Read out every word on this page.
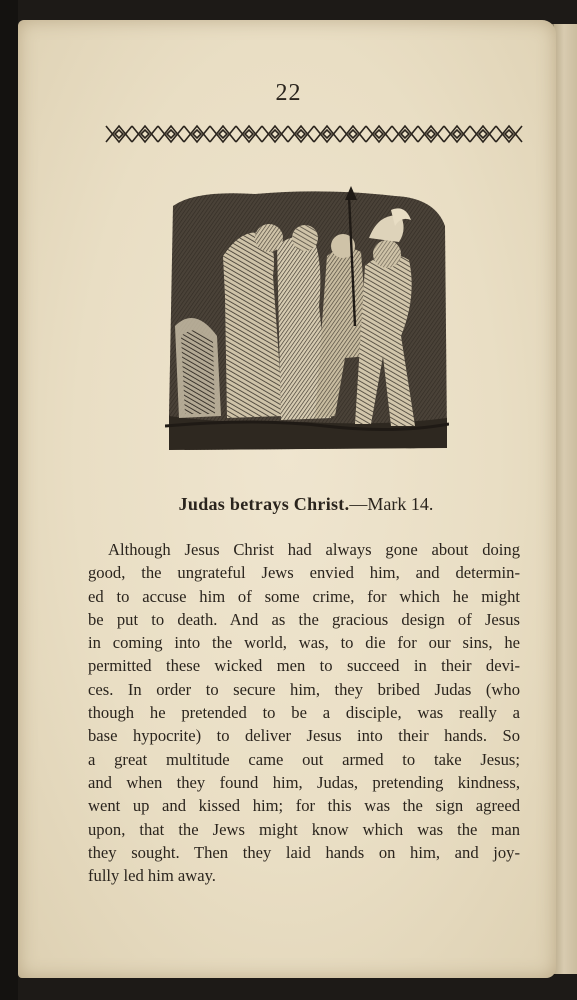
22
Judas betrays Christ.—Mark 14.
Although Jesus Christ had always gone about doing
good, the ungrateful Jews envied him, and determin-
ed to accuse him of some crime, for which he might
be put to death. And as the gracious design of Jesus
in coming into the world, was, to die for our sins, he
permitted these wicked men to succeed in their devi-
ces. In order to secure him, they bribed Judas (who
though he pretended to be a disciple, was really a
base hypocrite) to deliver Jesus into their hands. So
a great multitude came out armed to take Jesus;
and when they found him, Judas, pretending kindness,
went up and kissed him; for this was the sign agreed
upon, that the Jews might know which was the man
they sought. Then they laid hands on him, and joy-
fully led him away.
